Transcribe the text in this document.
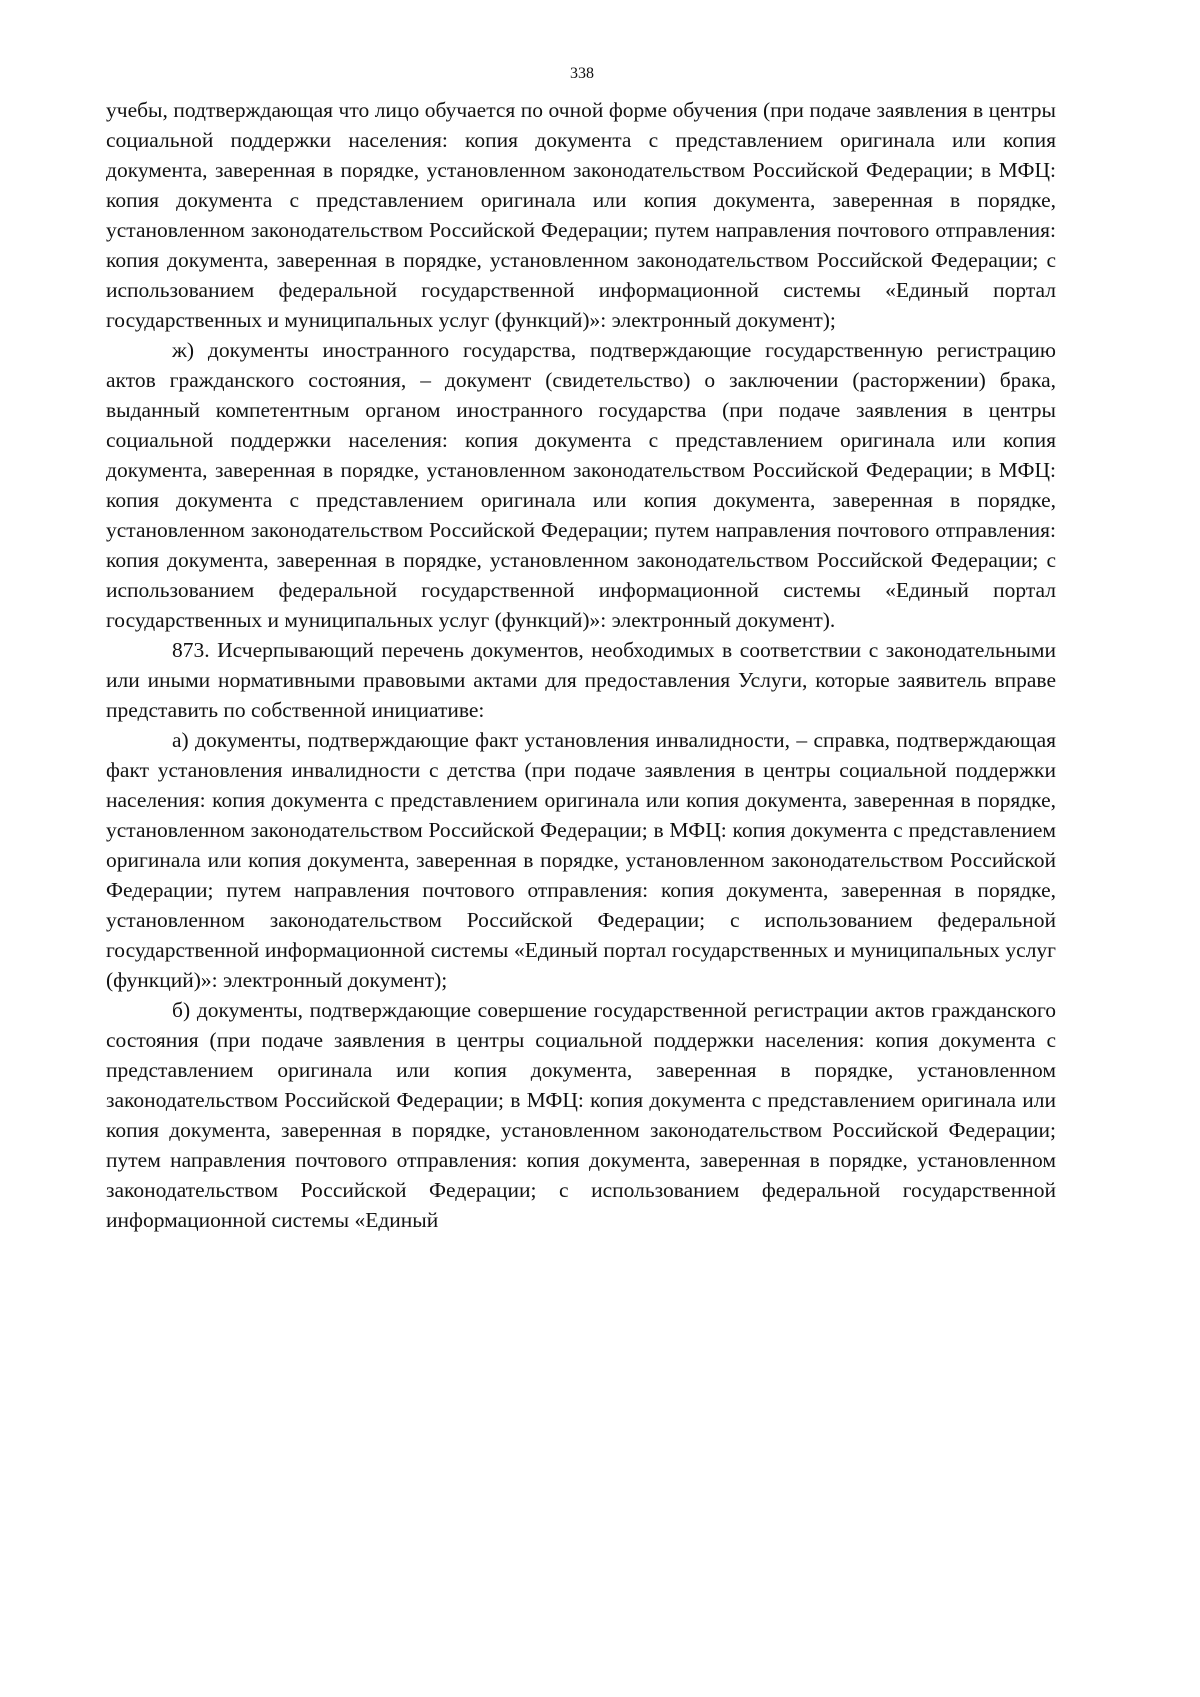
338

учебы, подтверждающая что лицо обучается по очной форме обучения (при подаче заявления в центры социальной поддержки населения: копия документа с представлением оригинала или копия документа, заверенная в порядке, установленном законодательством Российской Федерации; в МФЦ: копия документа с представлением оригинала или копия документа, заверенная в порядке, установленном законодательством Российской Федерации; путем направления почтового отправления: копия документа, заверенная в порядке, установленном законодательством Российской Федерации; с использованием федеральной государственной информационной системы «Единый портал государственных и муниципальных услуг (функций)»: электронный документ);

ж) документы иностранного государства, подтверждающие государственную регистрацию актов гражданского состояния, – документ (свидетельство) о заключении (расторжении) брака, выданный компетентным органом иностранного государства (при подаче заявления в центры социальной поддержки населения: копия документа с представлением оригинала или копия документа, заверенная в порядке, установленном законодательством Российской Федерации; в МФЦ: копия документа с представлением оригинала или копия документа, заверенная в порядке, установленном законодательством Российской Федерации; путем направления почтового отправления: копия документа, заверенная в порядке, установленном законодательством Российской Федерации; с использованием федеральной государственной информационной системы «Единый портал государственных и муниципальных услуг (функций)»: электронный документ).

873. Исчерпывающий перечень документов, необходимых в соответствии с законодательными или иными нормативными правовыми актами для предоставления Услуги, которые заявитель вправе представить по собственной инициативе:

а) документы, подтверждающие факт установления инвалидности, – справка, подтверждающая факт установления инвалидности с детства (при подаче заявления в центры социальной поддержки населения: копия документа с представлением оригинала или копия документа, заверенная в порядке, установленном законодательством Российской Федерации; в МФЦ: копия документа с представлением оригинала или копия документа, заверенная в порядке, установленном законодательством Российской Федерации; путем направления почтового отправления: копия документа, заверенная в порядке, установленном законодательством Российской Федерации; с использованием федеральной государственной информационной системы «Единый портал государственных и муниципальных услуг (функций)»: электронный документ);

б) документы, подтверждающие совершение государственной регистрации актов гражданского состояния (при подаче заявления в центры социальной поддержки населения: копия документа с представлением оригинала или копия документа, заверенная в порядке, установленном законодательством Российской Федерации; в МФЦ: копия документа с представлением оригинала или копия документа, заверенная в порядке, установленном законодательством Российской Федерации; путем направления почтового отправления: копия документа, заверенная в порядке, установленном законодательством Российской Федерации; с использованием федеральной государственной информационной системы «Единый
